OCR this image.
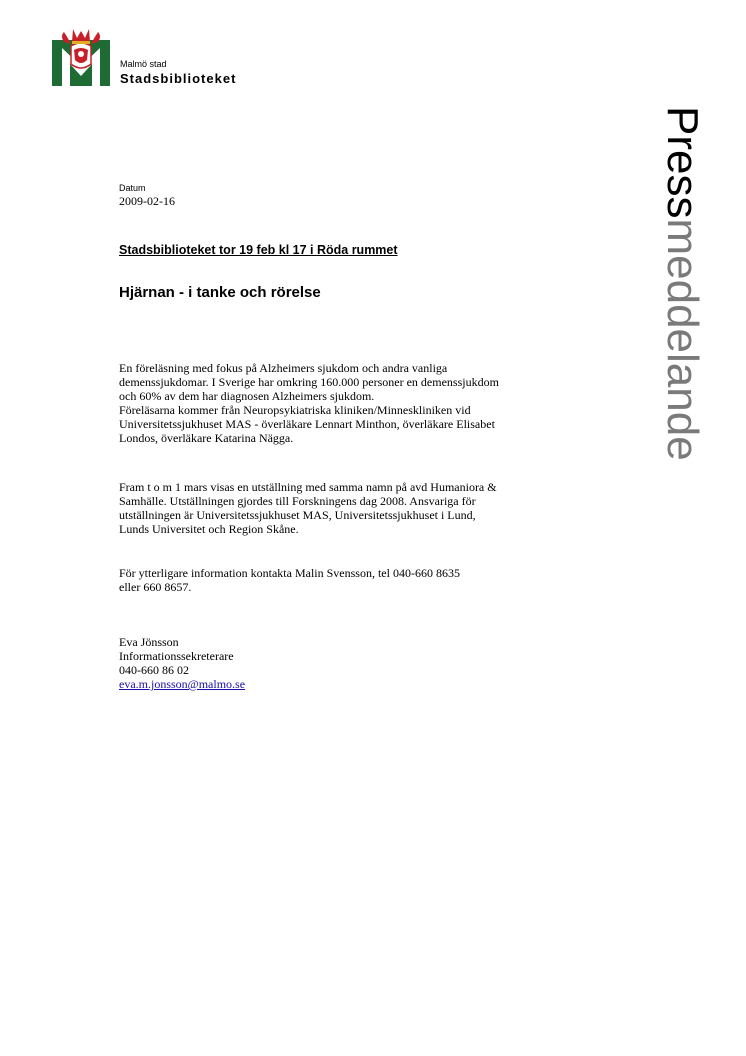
Malmö stad
Stadsbiblioteket
Pressmeddelande
Datum
2009-02-16
Stadsbiblioteket tor 19 feb kl 17 i Röda rummet
Hjärnan - i tanke och rörelse
En föreläsning med fokus på Alzheimers sjukdom och andra vanliga
demenssjukdomar. I Sverige har omkring 160.000 personer en demenssjukdom
och 60% av dem har diagnosen Alzheimers sjukdom.
Föreläsarna kommer från Neuropsykiatriska kliniken/Minneskliniken vid
Universitetssjukhuset MAS - överläkare Lennart Minthon, överläkare Elisabet
Londos, överläkare Katarina Nägga.
Fram t o m 1 mars visas en utställning med samma namn på avd Humaniora &
Samhälle. Utställningen gjordes till Forskningens dag 2008. Ansvariga för
utställningen är Universitetssjukhuset MAS, Universitetssjukhuset i Lund,
Lunds Universitet och Region Skåne.
För ytterligare information kontakta Malin Svensson, tel 040-660 8635
eller 660 8657.
Eva Jönsson
Informationssekreterare
040-660 86 02
eva.m.jonsson@malmo.se
